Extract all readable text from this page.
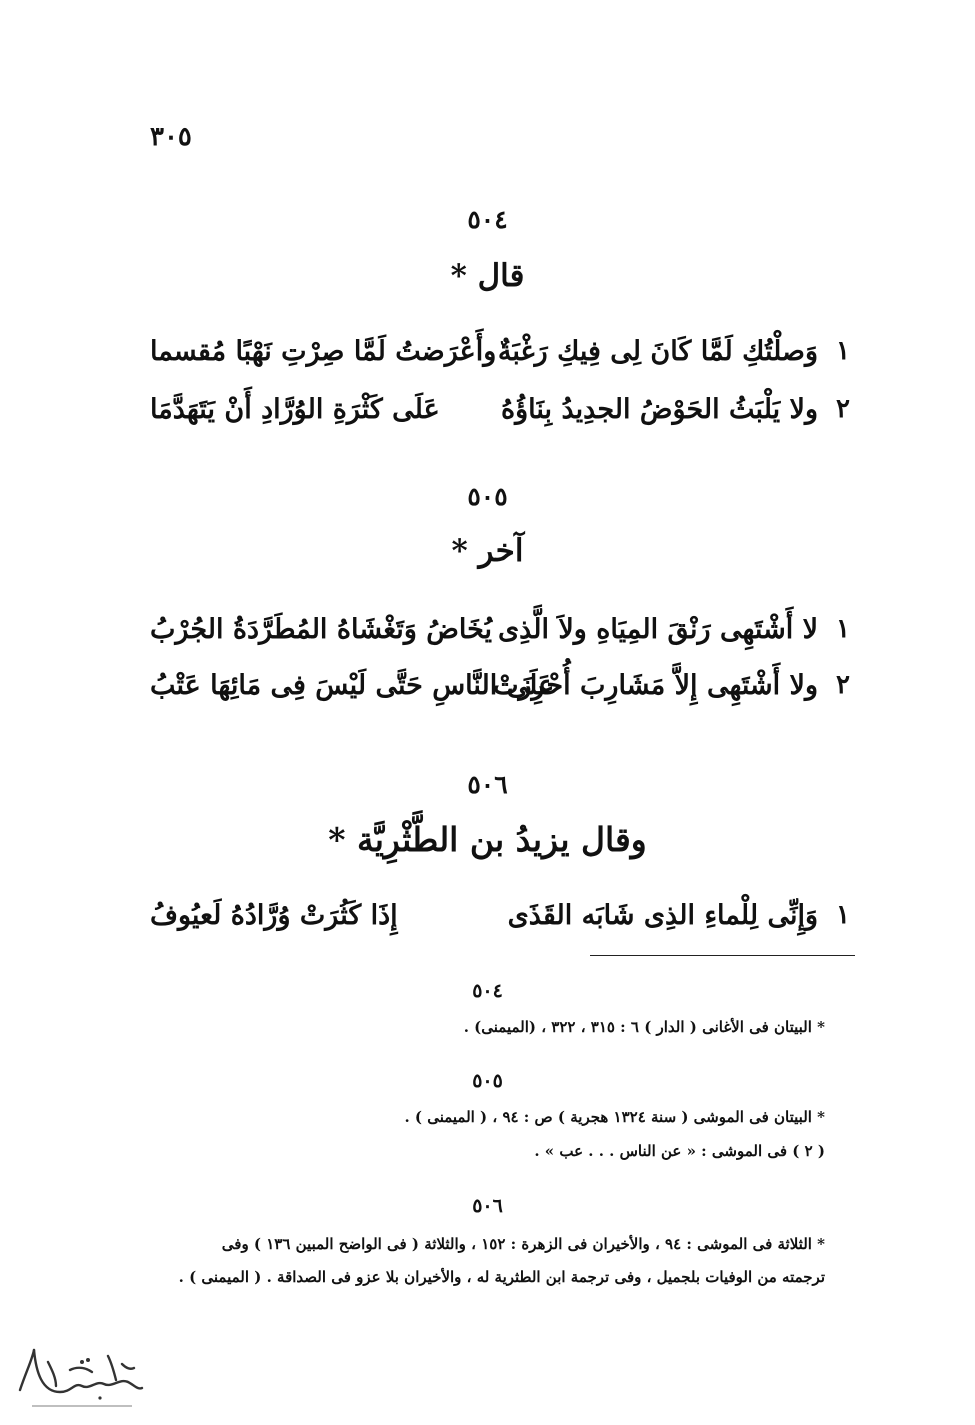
٣٠٥
٥٠٤
قال *
١
وَصلْتُكِ لَمَّا كَانَ لِى فِيكِ رَغْبَةٌ
وأَعْرَضتُ لَمَّا صِرْتِ نَهْبًا مُقسما
٢
ولا يَلْبَثُ الحَوْضُ الجدِيدُ بِنَاؤُهُ
عَلَى كَثْرَةِ الوُرَّادِ أَنْ يَتَهَدَّمَا
٥٠٥
آخر *
١
لا أَشْتَهِى رَنْقَ المِيَاهِ ولاَ الَّذِى
يُخَاضُ وَتَغْشَاهُ المُطَرَّدَةُ الجُرْبُ
٢
ولا أَشْتَهِى إِلاَّ مَشَارِبَ أُحْرِزَتْ
عَلَى النَّاسِ حَتَّى لَيْسَ فِى مَائِهَا عَتْبُ
٥٠٦
وقال يزيدُ بن الطَّثْرِيَّة *
١
وَإِنِّى لِلْماءِ الذِى شَابَه القَذَى
إِذَا كَثُرَتْ وُرَّادُهُ لَعيُوفُ
٥٠٤
* البيتان فى الأغانى ( الدار ) ٦ : ٣١٥ ، ٣٢٢ ، (الميمنى) .
٥٠٥
* البيتان فى الموشى ( سنة ١٣٢٤ هجرية ) ص : ٩٤ ، ( الميمنى ) .
( ٢ ) فى الموشى : « عن الناس . . . عب » .
٥٠٦
* الثلاثة فى الموشى : ٩٤ ، والأخيران فى الزهرة : ١٥٢ ، والثلاثة ( فى الواضح المبين ١٣٦ ) وفى
ترجمته من الوفيات بلجميل ، وفى ترجمة ابن الطثرية له ، والأخيران بلا عزو فى الصداقة . ( الميمنى ) .
